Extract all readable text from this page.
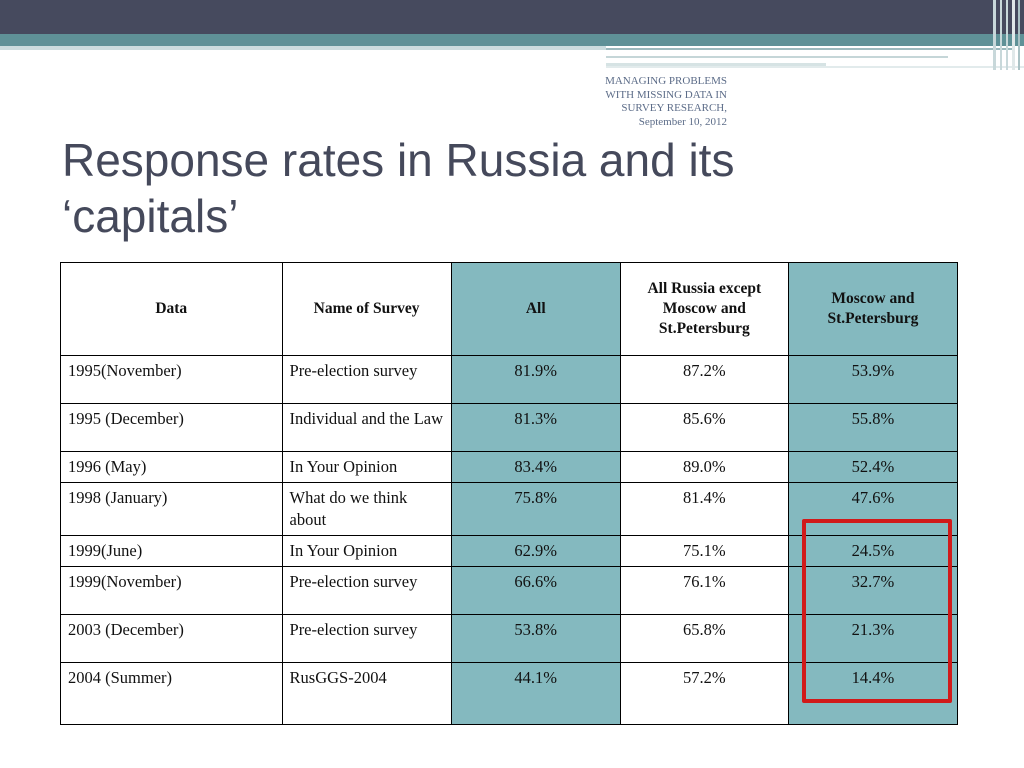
MANAGING PROBLEMS WITH MISSING DATA IN SURVEY RESEARCH, September 10, 2012
Response rates in Russia and its
‘capitals’
Data	Name of Survey	All	All Russia except Moscow and St.Petersburg	Moscow and St.Petersburg
1995(November)	Pre-election survey	81.9%	87.2%	53.9%
1995 (December)	Individual and the Law	81.3%	85.6%	55.8%
1996 (May)	In Your Opinion	83.4%	89.0%	52.4%
1998 (January)	What do we think about	75.8%	81.4%	47.6%
1999(June)	In Your Opinion	62.9%	75.1%	24.5%
1999(November)	Pre-election survey	66.6%	76.1%	32.7%
2003 (December)	Pre-election survey	53.8%	65.8%	21.3%
2004 (Summer)	RusGGS-2004	44.1%	57.2%	14.4%
